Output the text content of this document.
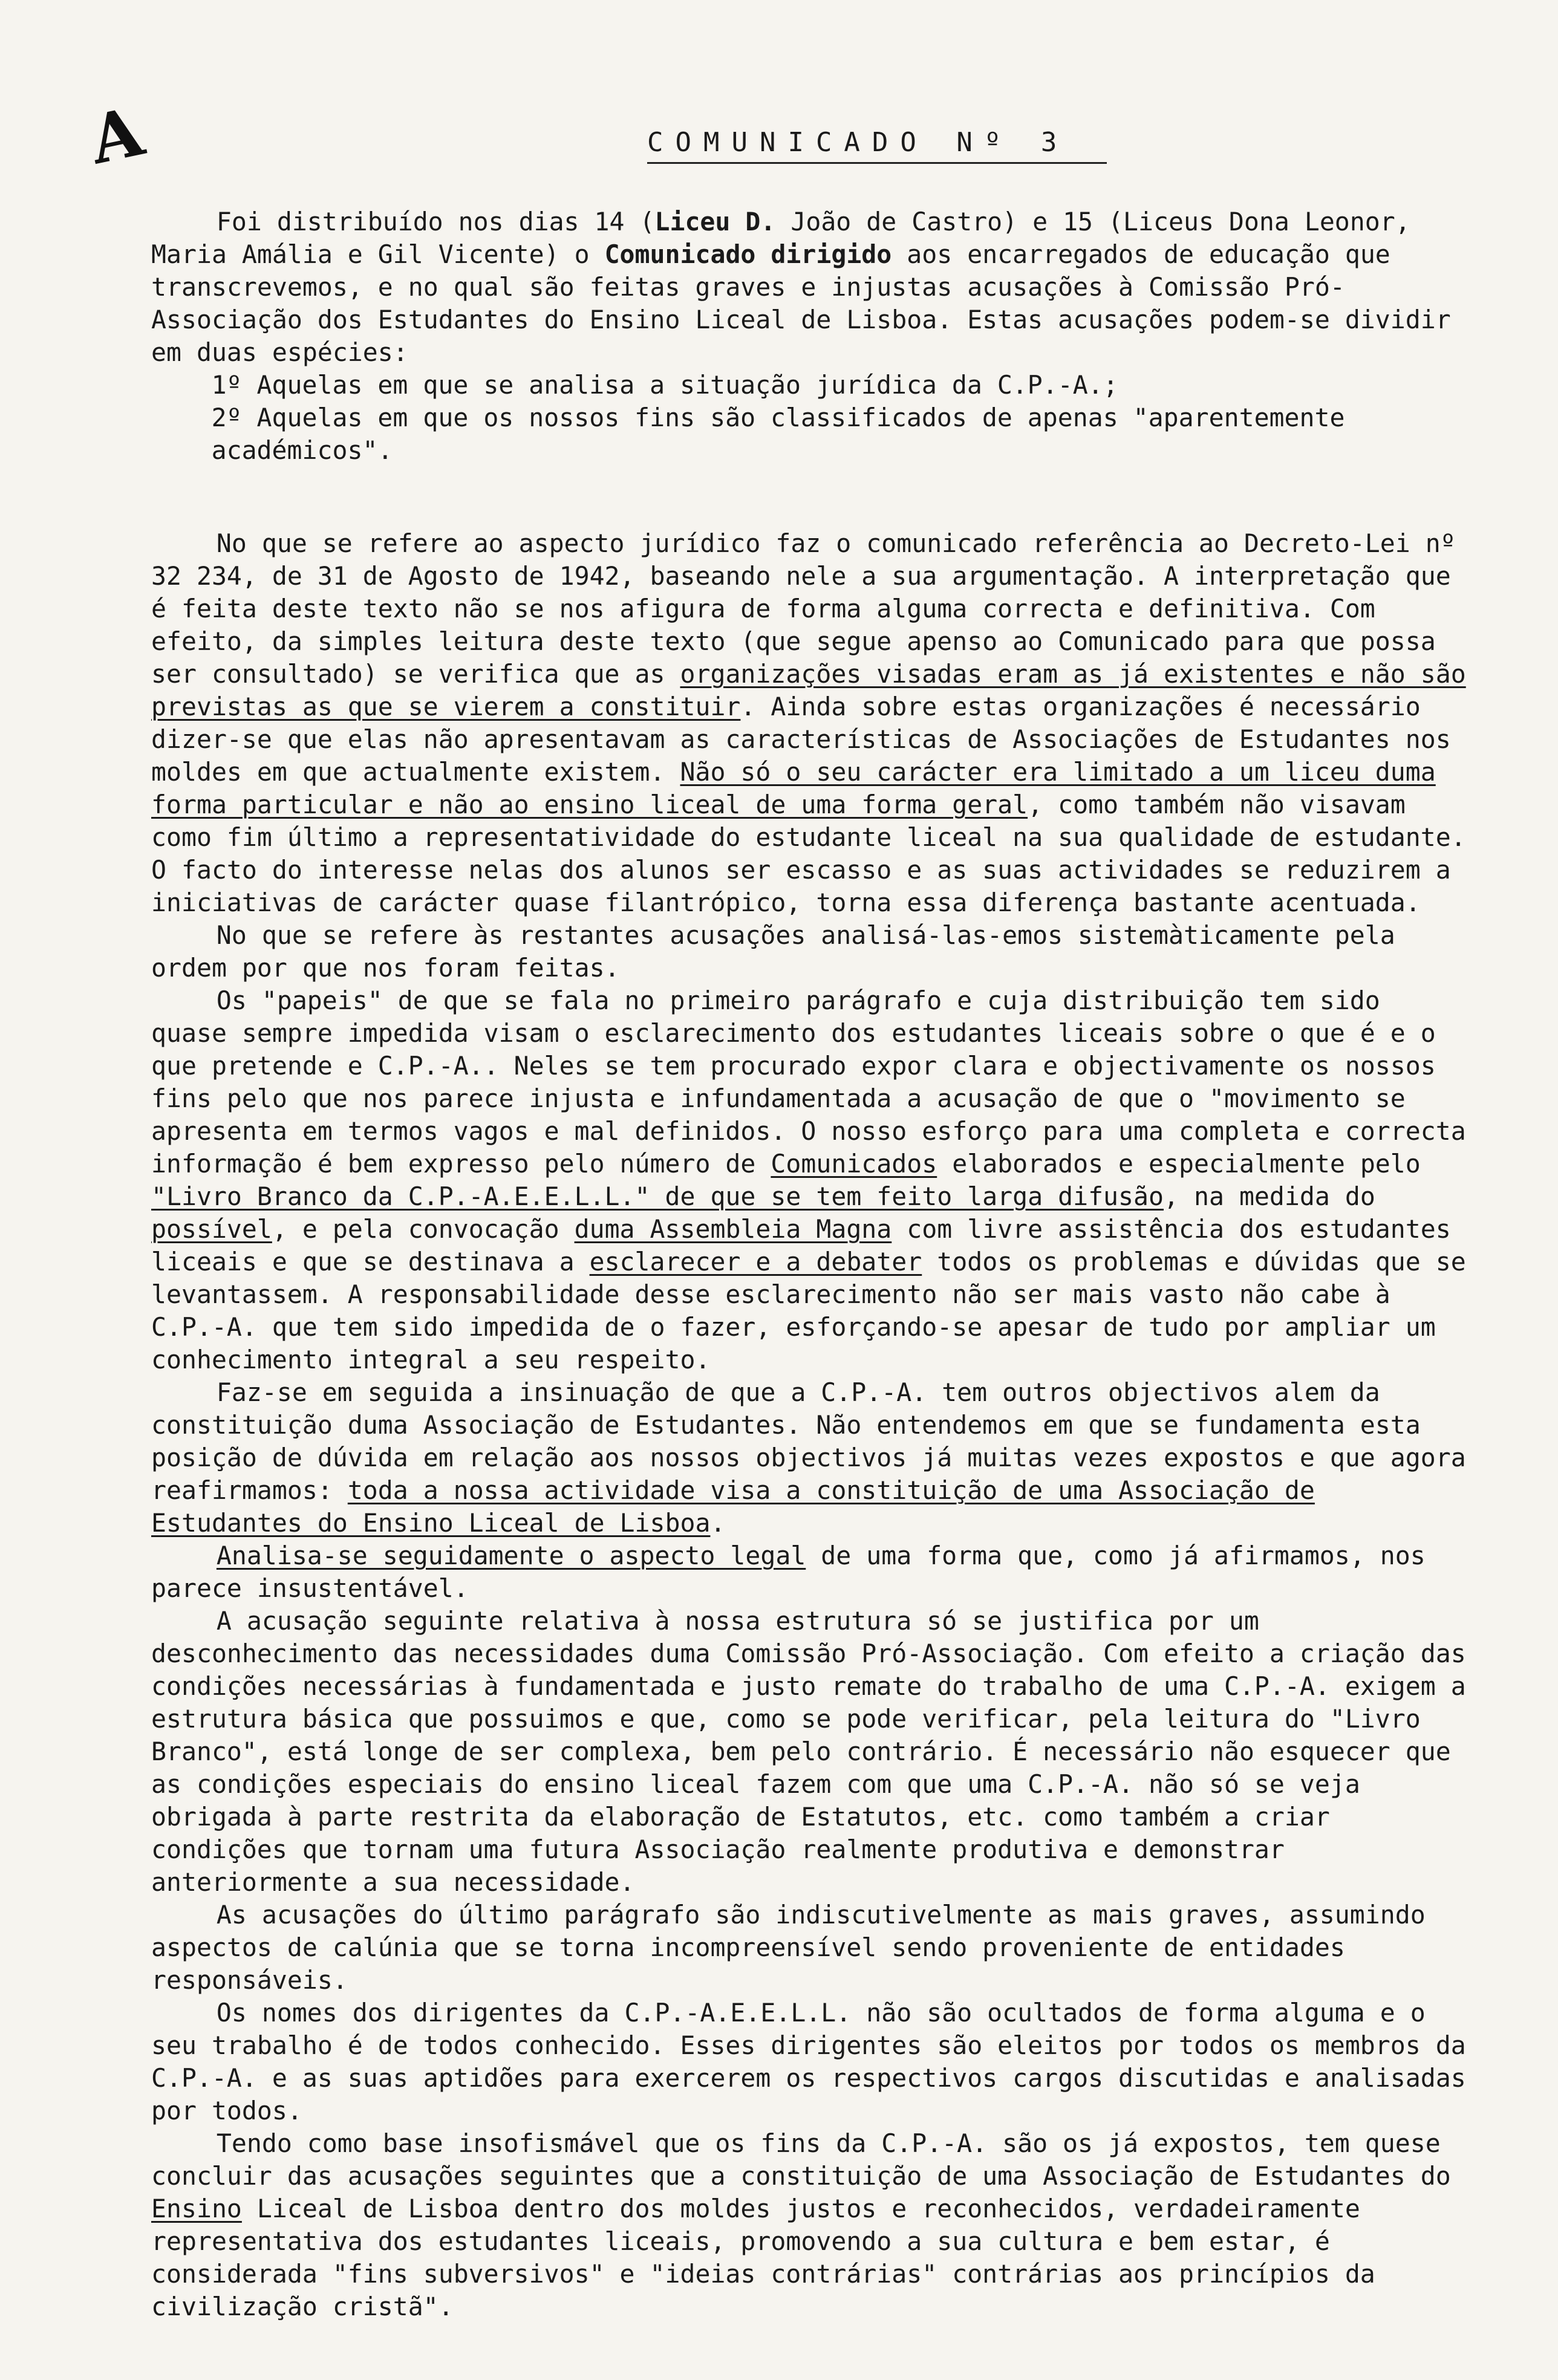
A	COMUNICADO Nº 3

Foi distribuído nos dias 14 (Liceu D. João de Castro) e 15 (Liceus Dona Leonor, Maria Amália e Gil Vicente) o Comunicado dirigido aos encarregados de educação que transcrevemos, e no qual são feitas graves e injustas acusações à Comissão Pró-Associação dos Estudantes do Ensino Liceal de Lisboa. Estas acusações podem-se dividir em duas espécies:

1º Aquelas em que se analisa a situação jurídica da C.P.-A.;

2º Aquelas em que os nossos fins são classificados de apenas "aparentemente académicos".

No que se refere ao aspecto jurídico faz o comunicado referência ao Decreto-Lei nº 32 234, de 31 de Agosto de 1942, baseando nele a sua argumentação. A interpretação que é feita deste texto não se nos afigura de forma alguma correcta e definitiva. Com efeito, da simples leitura deste texto (que segue apenso ao Comunicado para que possa ser consultado) se verifica que as organizações visadas eram as já existentes e não são previstas as que se vierem a constituir. Ainda sobre estas organizações é necessário dizer-se que elas não apresentavam as características de Associações de Estudantes nos moldes em que actualmente existem. Não só o seu carácter era limitado a um liceu duma forma particular e não ao ensino liceal de uma forma geral, como também não visavam como fim último a representatividade do estudante liceal na sua qualidade de estudante. O facto do interesse nelas dos alunos ser escasso e as suas actividades se reduzirem a iniciativas de carácter quase filantrópico, torna essa diferença bastante acentuada.

No que se refere às restantes acusações analisá-las-emos sistemàticamente pela ordem por que nos foram feitas.

Os "papeis" de que se fala no primeiro parágrafo e cuja distribuição tem sido quase sempre impedida visam o esclarecimento dos estudantes liceais sobre o que é e o que pretende e C.P.-A.. Neles se tem procurado expor clara e objectivamente os nossos fins pelo que nos parece injusta e infundamentada a acusação de que o "movimento se apresenta em termos vagos e mal definidos. O nosso esforço para uma completa e correcta informação é bem expresso pelo número de Comunicados elaborados e especialmente pelo "Livro Branco da C.P.-A.E.E.L.L." de que se tem feito larga difusão, na medida do possível, e pela convocação duma Assembleia Magna com livre assistência dos estudantes liceais e que se destinava a esclarecer e a debater todos os problemas e dúvidas que se levantassem. A responsabilidade desse esclarecimento não ser mais vasto não cabe à C.P.-A. que tem sido impedida de o fazer, esforçando-se apesar de tudo por ampliar um conhecimento integral a seu respeito.

Faz-se em seguida a insinuação de que a C.P.-A. tem outros objectivos alem da constituição duma Associação de Estudantes. Não entendemos em que se fundamenta esta posição de dúvida em relação aos nossos objectivos já muitas vezes expostos e que agora reafirmamos: toda a nossa actividade visa a constituição de uma Associação de Estudantes do Ensino Liceal de Lisboa.

Analisa-se seguidamente o aspecto legal de uma forma que, como já afirmamos, nos parece insustentável.

A acusação seguinte relativa à nossa estrutura só se justifica por um desconhecimento das necessidades duma Comissão Pró-Associação. Com efeito a criação das condições necessárias à fundamentada e justo remate do trabalho de uma C.P.-A. exigem a estrutura básica que possuimos e que, como se pode verificar, pela leitura do "Livro Branco", está longe de ser complexa, bem pelo contrário. É necessário não esquecer que as condições especiais do ensino liceal fazem com que uma C.P.-A. não só se veja obrigada à parte restrita da elaboração de Estatutos, etc. como também a criar condições que tornam uma futura Associação realmente produtiva e demonstrar anteriormente a sua necessidade.

As acusações do último parágrafo são indiscutivelmente as mais graves, assumindo aspectos de calúnia que se torna incompreensível sendo proveniente de entidades responsáveis.

Os nomes dos dirigentes da C.P.-A.E.E.L.L. não são ocultados de forma alguma e o seu trabalho é de todos conhecido. Esses dirigentes são eleitos por todos os membros da C.P.-A. e as suas aptidões para exercerem os respectivos cargos discutidas e analisadas por todos.

Tendo como base insofismável que os fins da C.P.-A. são os já expostos, tem quese concluir das acusações seguintes que a constituição de uma Associação de Estudantes do Ensino Liceal de Lisboa dentro dos moldes justos e reconhecidos, verdadeiramente representativa dos estudantes liceais, promovendo a sua cultura e bem estar, é considerada "fins subversivos" e "ideias contrárias" contrárias aos princípios da civilização cristã".
